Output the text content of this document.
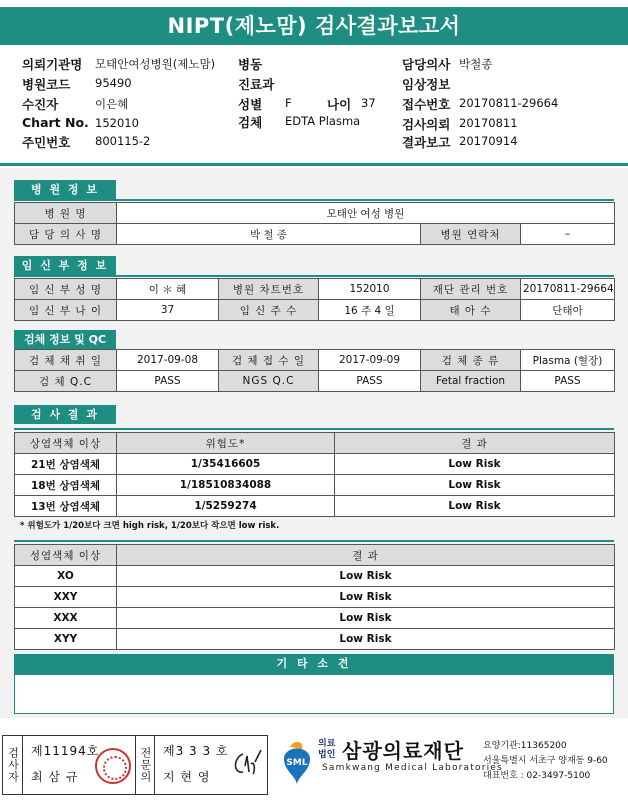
NIPT(제노맘) 검사결과보고서
의뢰기관명 모태안여성병원(제노맘)
병원코드 95490
수진자	이은혜
Chart No. 152010
주민번호 800115-2
병동
진료과
성별 F	나이 37
검체 EDTA Plasma
담당의사 박철종
임상정보
접수번호 20170811-29664
검사의뢰 20170811
결과보고 20170914
병 원 정 보
병 원 명	모태안 여성 병원		
담 당 의 사 명	박 철 종	병원 연락처	–
임 신 부 정 보
임 신 부 성 명	이 ＊ 혜	병원 차트번호	152010	재단 관리 번호	20170811-29664
임 신 부 나 이	37	임 신 주 수	16 주 4 일	태 아 수	단태아
검체 정보 및 QC
검 체 채 취 일	2017-09-08	검 체 접 수 일	2017-09-09	검 체 종 류	Plasma (혈장)
검 체 Q.C	PASS	NGS Q.C	PASS	Fetal fraction	PASS
검 사 결 과
상염색체 이상	위험도*	결 과
21번 상염색체	1/35416605	Low Risk
18번 상염색체	1/18510834088	Low Risk
13번 상염색체	1/5259274	Low Risk
* 위험도가 1/20보다 크면 high risk, 1/20보다 작으면 low risk.
성염색체 이상	결 과
XO	Low Risk
XXY	Low Risk
XXX	Low Risk
XYY	Low Risk
기 타 소 견
검사자 제11194호
최 삼 규	전문의 제3 3 3 호
지 현 영
SML
의료
법인 삼광의료재단
Samkwang Medical Laboratories
요양기관:11365200
서울특별시 서초구 양재동 9-60
대표번호 : 02-3497-5100
